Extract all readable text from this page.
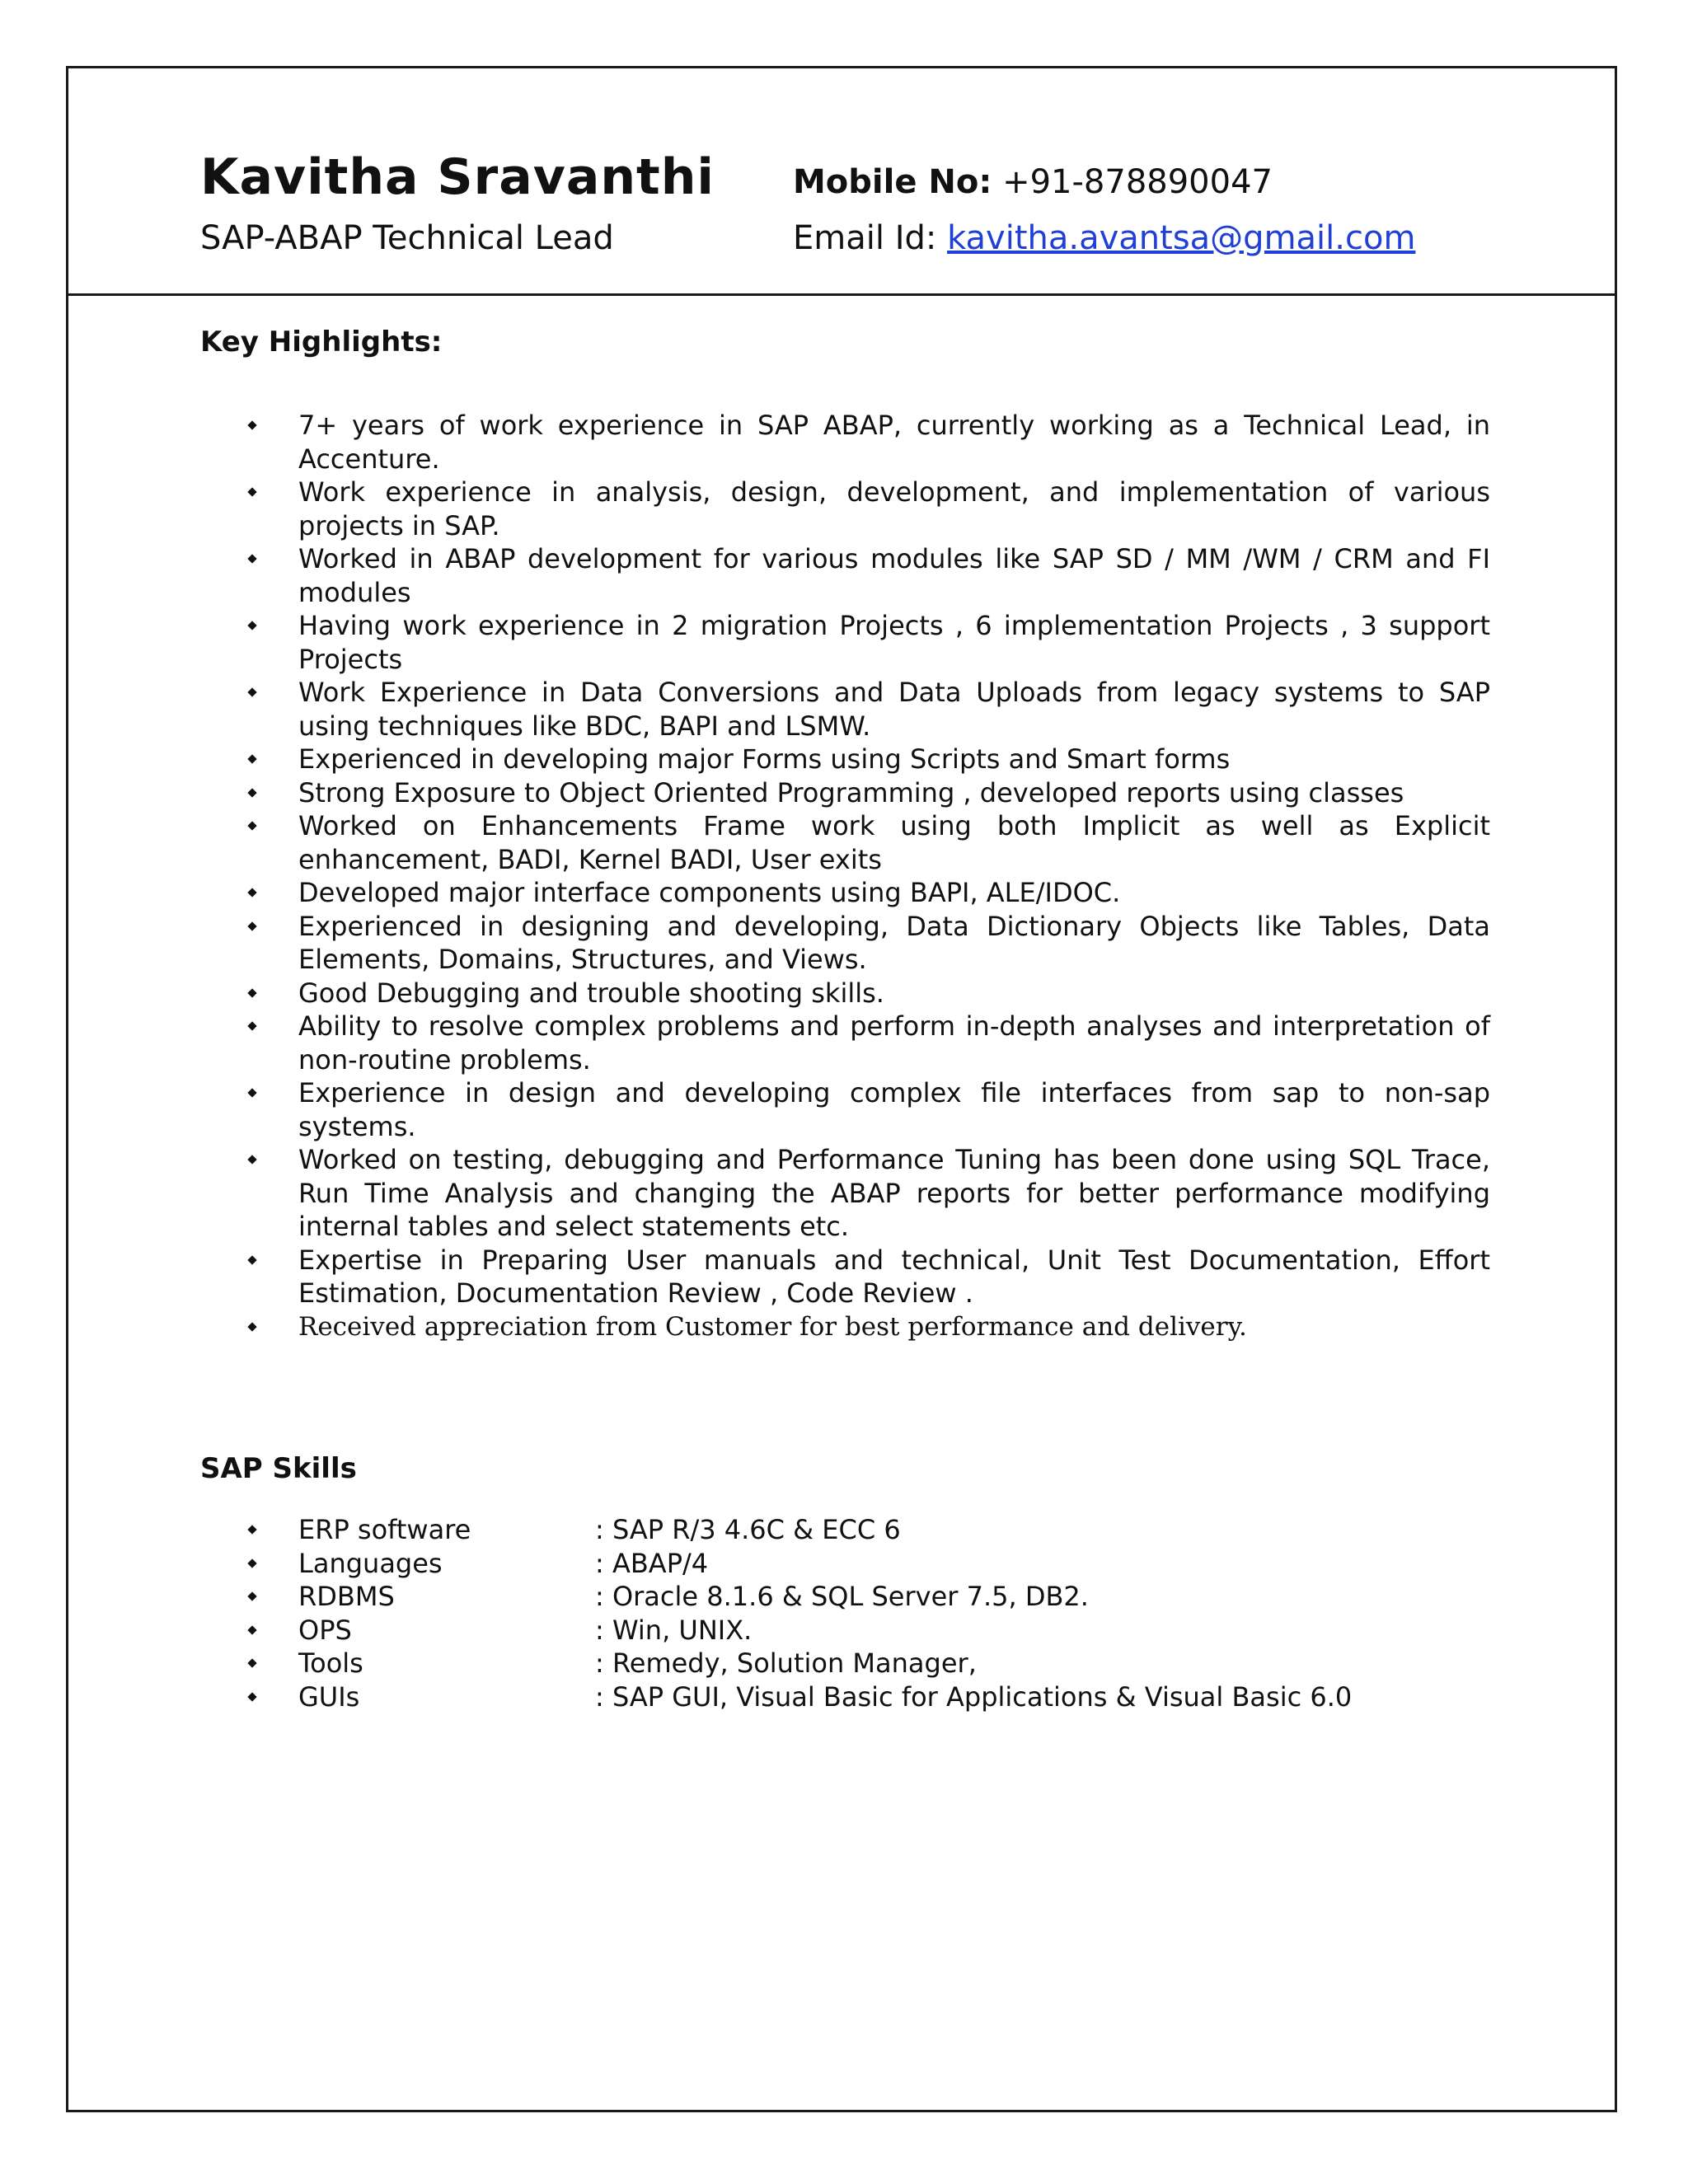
Kavitha Sravanthi
SAP-ABAP Technical Lead
Mobile No: +91-878890047
Email Id: kavitha.avantsa@gmail.com
Key Highlights:
7+ years of work experience in SAP ABAP, currently working as a Technical Lead, in Accenture.
Work experience in analysis, design, development, and implementation of various projects in SAP.
Worked in ABAP development for various modules like SAP SD / MM /WM / CRM and FI modules
Having work experience in 2 migration Projects , 6 implementation Projects , 3 support Projects
Work Experience in Data Conversions and Data Uploads from legacy systems to SAP using techniques like BDC, BAPI and LSMW.
Experienced in developing major Forms using Scripts and Smart forms
Strong Exposure to Object Oriented Programming , developed reports using classes
Worked on Enhancements Frame work using both Implicit as well as Explicit enhancement, BADI, Kernel BADI, User exits
Developed major interface components using BAPI, ALE/IDOC.
Experienced in designing and developing, Data Dictionary Objects like Tables, Data Elements, Domains, Structures, and Views.
Good Debugging and trouble shooting skills.
Ability to resolve complex problems and perform in-depth analyses and interpretation of non-routine problems.
Experience in design and developing complex file interfaces from sap to non-sap systems.
Worked on testing, debugging and Performance Tuning has been done using SQL Trace, Run Time Analysis and changing the ABAP reports for better performance modifying internal tables and select statements etc.
Expertise in Preparing User manuals and technical, Unit Test Documentation, Effort Estimation, Documentation Review , Code Review .
Received appreciation from Customer for best performance and delivery.
SAP Skills
ERP software	: SAP R/3 4.6C & ECC 6
Languages	: ABAP/4
RDBMS	: Oracle 8.1.6 & SQL Server 7.5, DB2.
OPS	: Win, UNIX.
Tools	: Remedy, Solution Manager,
GUIs	: SAP GUI, Visual Basic for Applications & Visual Basic 6.0
